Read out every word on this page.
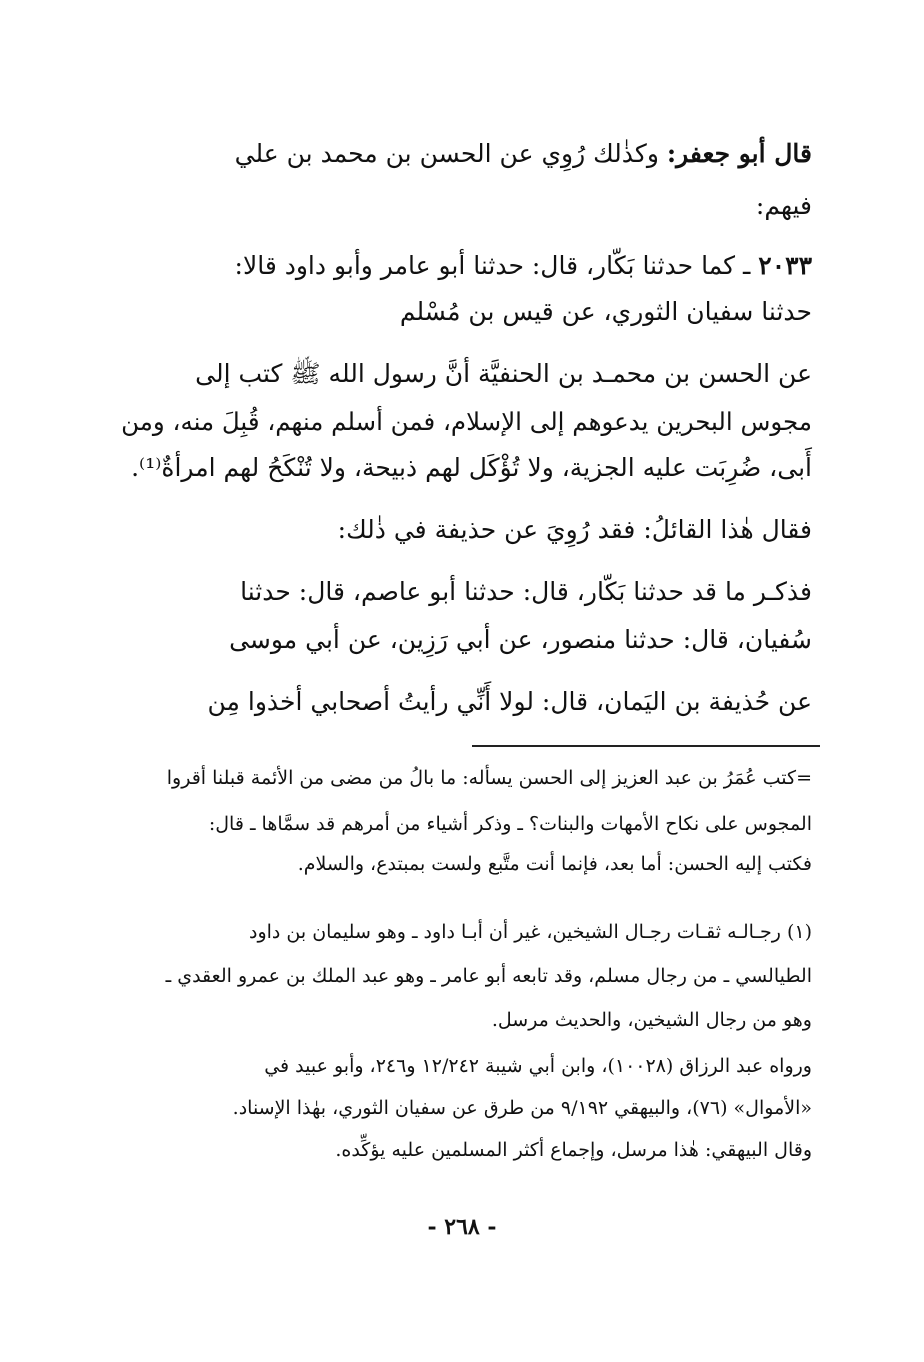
قال أبو جعفر: وكذٰلك رُوِي عن الحسن بن محمد بن علي
فيهم:
٢٠٣٣ ـ كما حدثنا بَكّار، قال: حدثنا أبو عامر وأبو داود قالا:
حدثنا سفيان الثوري، عن قيس بن مُسْلم
عن الحسن بن محمـد بن الحنفيَّة أنَّ رسول الله ﷺ كتب إلى
مجوس البحرين يدعوهم إلى الإسلام، فمن أسلم منهم، قُبِلَ منه، ومن
أَبى، ضُرِبَت عليه الجزية، ولا تُؤْكَل لهم ذبيحة، ولا تُنْكَحُ لهم امرأةٌ⁽¹⁾.
فقال هٰذا القائلُ: فقد رُوِيَ عن حذيفة في ذٰلك:
فذكـر ما قد حدثنا بَكّار، قال: حدثنا أبو عاصم، قال: حدثنا
سُفيان، قال: حدثنا منصور، عن أبي رَزِين، عن أبي موسى
عن حُذيفة بن اليَمان، قال: لولا أَنِّي رأيتُ أصحابي أخذوا مِن
=كتب عُمَرُ بن عبد العزيز إلى الحسن يسأله: ما بالُ من مضى من الأئمة قبلنا أقروا
المجوس على نكاح الأمهات والبنات؟ ـ وذكر أشياء من أمرهم قد سمَّاها ـ قال:
فكتب إليه الحسن: أما بعد، فإنما أنت متَّبع ولست بمبتدع، والسلام.
(١) رجـالـه ثقـات رجـال الشيخين، غير أن أبـا داود ـ وهو سليمان بن داود
الطيالسي ـ من رجال مسلم، وقد تابعه أبو عامر ـ وهو عبد الملك بن عمرو العقدي ـ
وهو من رجال الشيخين، والحديث مرسل.
ورواه عبد الرزاق (١٠٠٢٨)، وابن أبي شيبة ١٢/٢٤٢ و٢٤٦، وأبو عبيد في
«الأموال» (٧٦)، والبيهقي ٩/١٩٢ من طرق عن سفيان الثوري، بهٰذا الإسناد.
وقال البيهقي: هٰذا مرسل، وإجماع أكثر المسلمين عليه يؤكِّده.
- ٢٦٨ -
